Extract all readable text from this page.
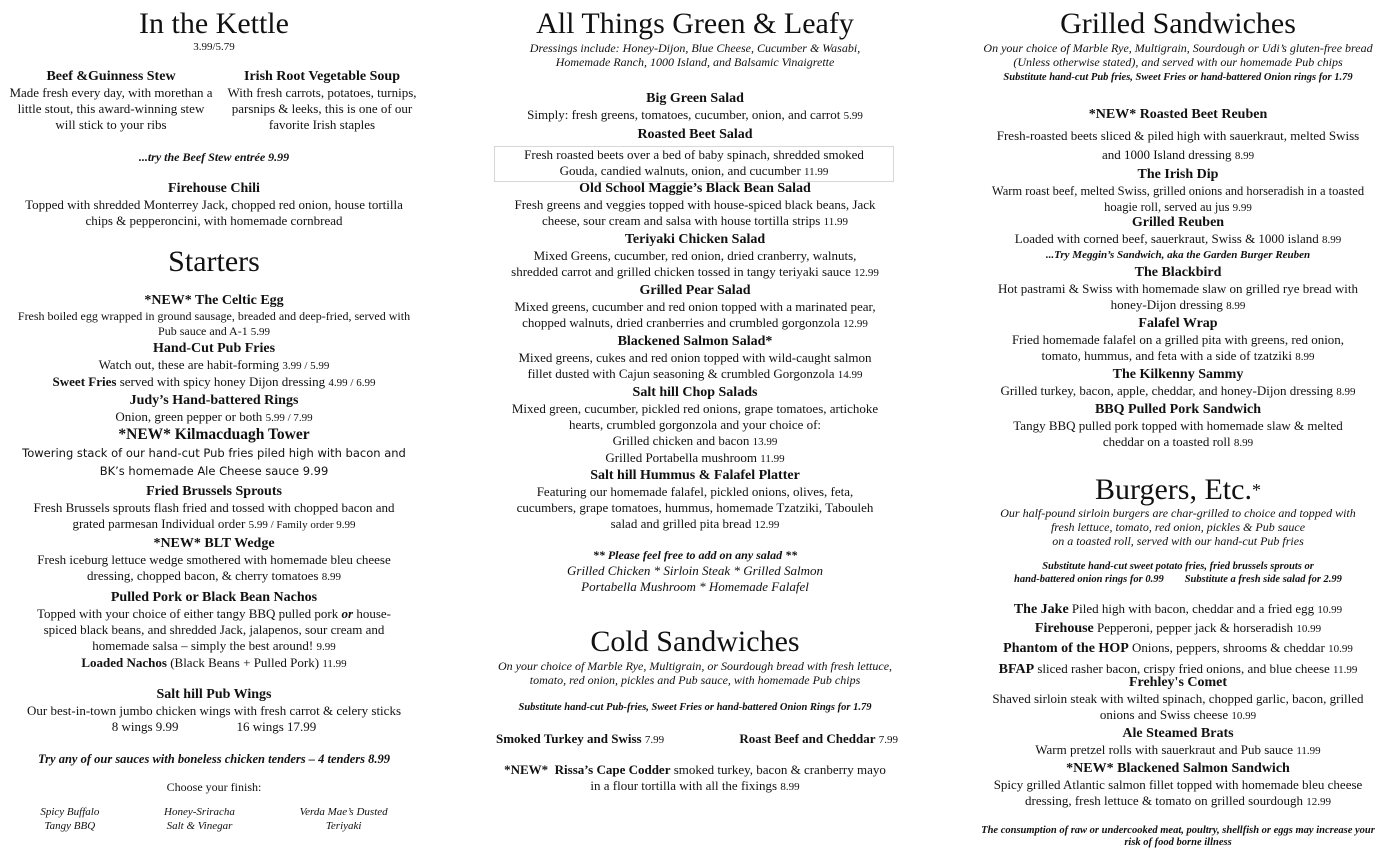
In the Kettle
3.99/5.79
Beef &Guinness Stew
Made fresh every day, with morethan a little stout, this award-winning stew will stick to your ribs
Irish Root Vegetable Soup
With fresh carrots, potatoes, turnips, parsnips & leeks, this is one of our favorite Irish staples
...try the Beef Stew entrée 9.99
Firehouse Chili
Topped with shredded Monterrey Jack, chopped red onion, house tortilla chips & pepperoncini, with homemade cornbread
Starters
*NEW* The Celtic Egg
Fresh boiled egg wrapped in ground sausage, breaded and deep-fried, served with Pub sauce and A-1 5.99
Hand-Cut Pub Fries
Watch out, these are habit-forming 3.99 / 5.99
Sweet Fries served with spicy honey Dijon dressing 4.99 / 6.99
Judy’s Hand-battered Rings
Onion, green pepper or both 5.99 / 7.99
*NEW* Kilmacduagh Tower
Towering stack of our hand-cut Pub fries piled high with bacon and
BK’s homemade Ale Cheese sauce 9.99
Fried Brussels Sprouts
Fresh Brussels sprouts flash fried and tossed with chopped bacon and
grated parmesan Individual order 5.99 / Family order 9.99
*NEW* BLT Wedge
Fresh iceburg lettuce wedge smothered with homemade bleu cheese
dressing, chopped bacon, & cherry tomatoes 8.99
Pulled Pork or Black Bean Nachos
Topped with your choice of either tangy BBQ pulled pork or house-
spiced black beans, and shredded Jack, jalapenos, sour cream and
homemade salsa – simply the best around! 9.99
Loaded Nachos (Black Beans + Pulled Pork) 11.99
Salt hill Pub Wings
Our best-in-town jumbo chicken wings with fresh carrot & celery sticks
8 wings 9.99	16 wings 17.99
Try any of our sauces with boneless chicken tenders – 4 tenders 8.99
Choose your finish:
Spicy Buffalo
Tangy BBQ
Honey-Sriracha
Salt & Vinegar
Verda Mae’s Dusted
Teriyaki
All Things Green & Leafy
Dressings include: Honey-Dijon, Blue Cheese, Cucumber & Wasabi, Homemade Ranch, 1000 Island, and Balsamic Vinaigrette
Big Green Salad
Simply: fresh greens, tomatoes, cucumber, onion, and carrot 5.99
Roasted Beet Salad
Fresh roasted beets over a bed of baby spinach, shredded smoked
Gouda, candied walnuts, onion, and cucumber 11.99
Old School Maggie’s Black Bean Salad
Fresh greens and veggies topped with house-spiced black beans, Jack
cheese, sour cream and salsa with house tortilla strips 11.99
Teriyaki Chicken Salad
Mixed Greens, cucumber, red onion, dried cranberry, walnuts,
shredded carrot and grilled chicken tossed in tangy teriyaki sauce 12.99
Grilled Pear Salad
Mixed greens, cucumber and red onion topped with a marinated pear,
chopped walnuts, dried cranberries and crumbled gorgonzola 12.99
Blackened Salmon Salad*
Mixed greens, cukes and red onion topped with wild-caught salmon
fillet dusted with Cajun seasoning & crumbled Gorgonzola 14.99
Salt hill Chop Salads
Mixed green, cucumber, pickled red onions, grape tomatoes, artichoke
hearts, crumbled gorgonzola and your choice of:
Grilled chicken and bacon 13.99
Grilled Portabella mushroom 11.99
Salt hill Hummus & Falafel Platter
Featuring our homemade falafel, pickled onions, olives, feta,
cucumbers, grape tomatoes, hummus, homemade Tzatziki, Tabouleh
salad and grilled pita bread 12.99
** Please feel free to add on any salad **
Grilled Chicken * Sirloin Steak * Grilled Salmon
Portabella Mushroom * Homemade Falafel
Cold Sandwiches
On your choice of Marble Rye, Multigrain, or Sourdough bread with fresh lettuce, tomato, red onion, pickles and Pub sauce, with homemade Pub chips
Substitute hand-cut Pub-fries, Sweet Fries or hand-battered Onion Rings for 1.79
Smoked Turkey and Swiss 7.99	Roast Beef and Cheddar 7.99
*NEW* Rissa’s Cape Codder smoked turkey, bacon & cranberry mayo
in a flour tortilla with all the fixings 8.99
Grilled Sandwiches
On your choice of Marble Rye, Multigrain, Sourdough or Udi’s gluten-free bread (Unless otherwise stated), and served with our homemade Pub chips
Substitute hand-cut Pub fries, Sweet Fries or hand-battered Onion rings for 1.79
*NEW* Roasted Beet Reuben
Fresh-roasted beets sliced & piled high with sauerkraut, melted Swiss
and 1000 Island dressing 8.99
The Irish Dip
Warm roast beef, melted Swiss, grilled onions and horseradish in a toasted
hoagie roll, served au jus 9.99
Grilled Reuben
Loaded with corned beef, sauerkraut, Swiss & 1000 island 8.99
...Try Meggin’s Sandwich, aka the Garden Burger Reuben
The Blackbird
Hot pastrami & Swiss with homemade slaw on grilled rye bread with
honey-Dijon dressing 8.99
Falafel Wrap
Fried homemade falafel on a grilled pita with greens, red onion,
tomato, hummus, and feta with a side of tzatziki 8.99
The Kilkenny Sammy
Grilled turkey, bacon, apple, cheddar, and honey-Dijon dressing 8.99
BBQ Pulled Pork Sandwich
Tangy BBQ pulled pork topped with homemade slaw & melted
cheddar on a toasted roll 8.99
Burgers, Etc.*
Our half-pound sirloin burgers are char-grilled to choice and topped with
fresh lettuce, tomato, red onion, pickles & Pub sauce
on a toasted roll, served with our hand-cut Pub fries
Substitute hand-cut sweet potato fries, fried brussels sprouts or
hand-battered onion rings for 0.99 Substitute a fresh side salad for 2.99
The Jake Piled high with bacon, cheddar and a fried egg 10.99
Firehouse Pepperoni, pepper jack & horseradish 10.99
Phantom of the HOP Onions, peppers, shrooms & cheddar 10.99
BFAP sliced rasher bacon, crispy fried onions, and blue cheese 11.99
Frehley's Comet
Shaved sirloin steak with wilted spinach, chopped garlic, bacon, grilled
onions and Swiss cheese 10.99
Ale Steamed Brats
Warm pretzel rolls with sauerkraut and Pub sauce 11.99
*NEW* Blackened Salmon Sandwich
Spicy grilled Atlantic salmon fillet topped with homemade bleu cheese
dressing, fresh lettuce & tomato on grilled sourdough 12.99
The consumption of raw or undercooked meat, poultry, shellfish or eggs may increase your risk of food borne illness
